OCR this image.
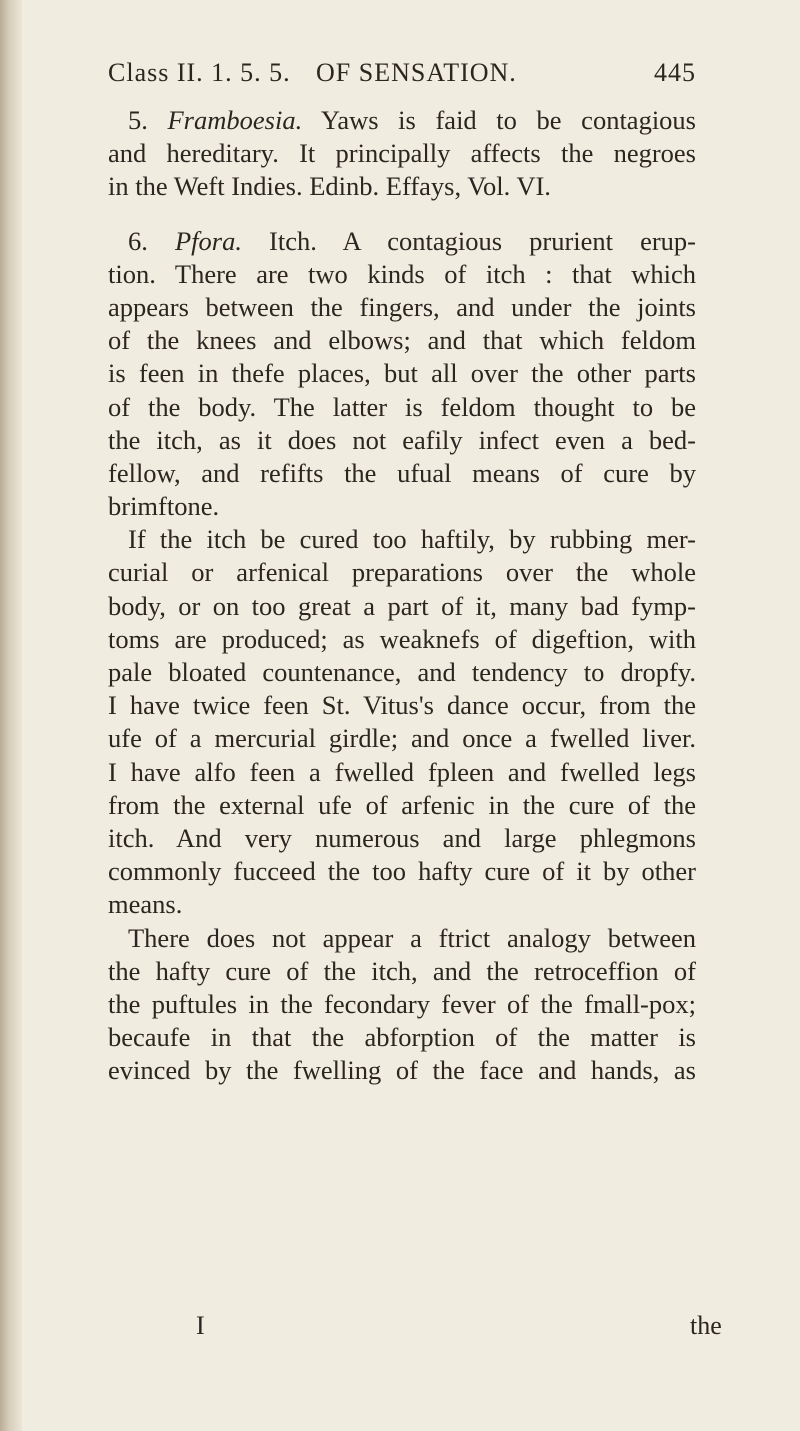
Class II. 1. 5. 5. OF SENSATION.	445
5. Framboesia. Yaws is faid to be contagious
and hereditary. It principally affects the negroes
in the Weft Indies. Edinb. Effays, Vol. VI.
6. Pfora. Itch. A contagious prurient erup-
tion. There are two kinds of itch : that which
appears between the fingers, and under the joints
of the knees and elbows; and that which feldom
is feen in thefe places, but all over the other parts
of the body. The latter is feldom thought to be
the itch, as it does not eafily infect even a bed-
fellow, and refifts the ufual means of cure by
brimftone.
If the itch be cured too haftily, by rubbing mer-
curial or arfenical preparations over the whole
body, or on too great a part of it, many bad fymp-
toms are produced; as weaknefs of digeftion, with
pale bloated countenance, and tendency to dropfy.
I have twice feen St. Vitus's dance occur, from the
ufe of a mercurial girdle; and once a fwelled liver.
I have alfo feen a fwelled fpleen and fwelled legs
from the external ufe of arfenic in the cure of the
itch. And very numerous and large phlegmons
commonly fucceed the too hafty cure of it by other
means.
There does not appear a ftrict analogy between
the hafty cure of the itch, and the retroceffion of
the puftules in the fecondary fever of the fmall-pox;
becaufe in that the abforption of the matter is
evinced by the fwelling of the face and hands, as
I	the
